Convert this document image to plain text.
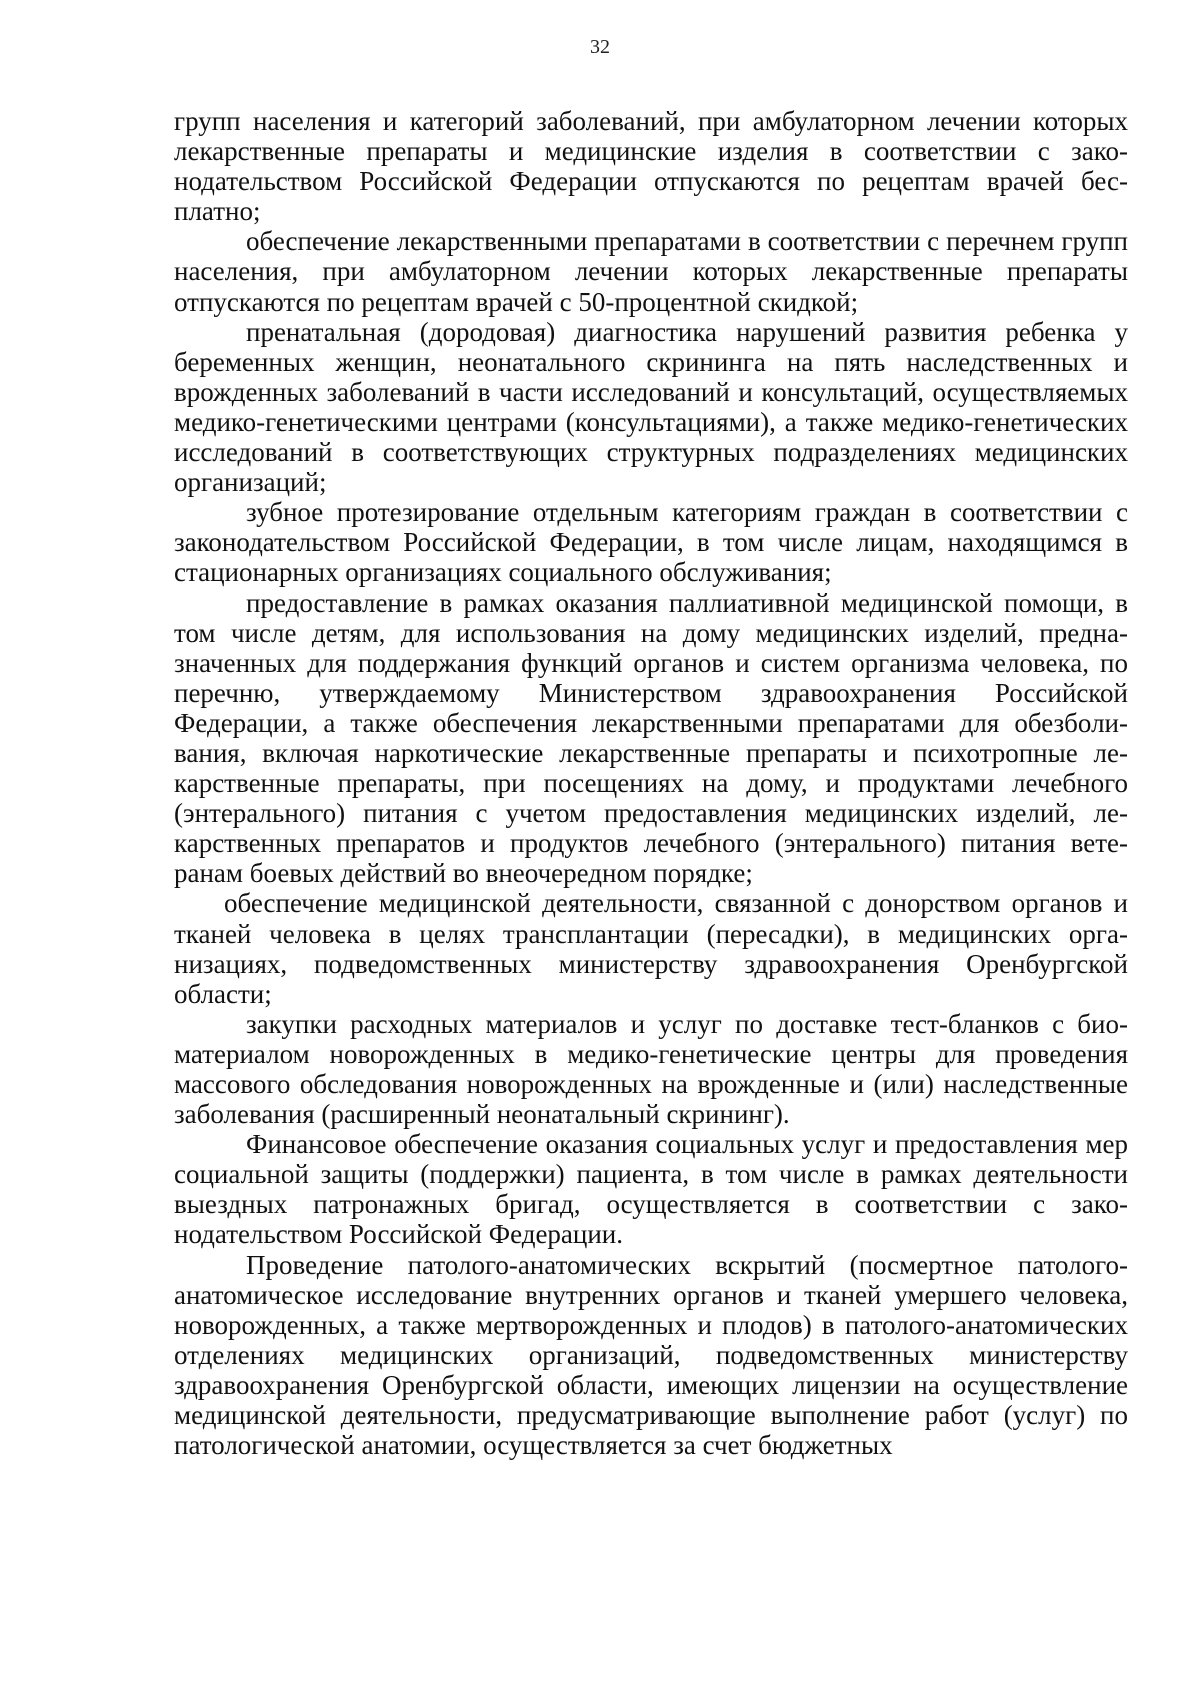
32

групп населения и категорий заболеваний, при амбулаторном лечении которых лекарственные препараты и медицинские изделия в соответствии с законодательством Российской Федерации отпускаются по рецептам врачей бесплатно;

обеспечение лекарственными препаратами в соответствии с перечнем групп населения, при амбулаторном лечении которых лекарственные препараты отпускаются по рецептам врачей с 50-процентной скидкой;

пренатальная (дородовая) диагностика нарушений развития ребенка у беременных женщин, неонатального скрининга на пять наследственных и врожденных заболеваний в части исследований и консультаций, осуществляемых медико-генетическими центрами (консультациями), а также медико-генетических исследований в соответствующих структурных подразделениях медицинских организаций;

зубное протезирование отдельным категориям граждан в соответствии с законодательством Российской Федерации, в том числе лицам, находящимся в стационарных организациях социального обслуживания;

предоставление в рамках оказания паллиативной медицинской помощи, в том числе детям, для использования на дому медицинских изделий, предназначенных для поддержания функций органов и систем организма человека, по перечню, утверждаемому Министерством здравоохранения Российской Федерации, а также обеспечения лекарственными препаратами для обезболивания, включая наркотические лекарственные препараты и психотропные лекарственные препараты, при посещениях на дому, и продуктами лечебного (энтерального) питания с учетом предоставления медицинских изделий, лекарственных препаратов и продуктов лечебного (энтерального) питания ветеранам боевых действий во внеочередном порядке;

обеспечение медицинской деятельности, связанной с донорством органов и тканей человека в целях трансплантации (пересадки), в медицинских организациях, подведомственных министерству здравоохранения Оренбургской области;

закупки расходных материалов и услуг по доставке тест-бланков с биоматериалом новорожденных в медико-генетические центры для проведения массового обследования новорожденных на врожденные и (или) наследственные заболевания (расширенный неонатальный скрининг).

Финансовое обеспечение оказания социальных услуг и предоставления мер социальной защиты (поддержки) пациента, в том числе в рамках деятельности выездных патронажных бригад, осуществляется в соответствии с законодательством Российской Федерации.

Проведение патолого-анатомических вскрытий (посмертное патологоанатомическое исследование внутренних органов и тканей умершего человека, новорожденных, а также мертворожденных и плодов) в патолого-анатомических отделениях медицинских организаций, подведомственных министерству здравоохранения Оренбургской области, имеющих лицензии на осуществление медицинской деятельности, предусматривающие выполнение работ (услуг) по патологической анатомии, осуществляется за счет бюджетных
